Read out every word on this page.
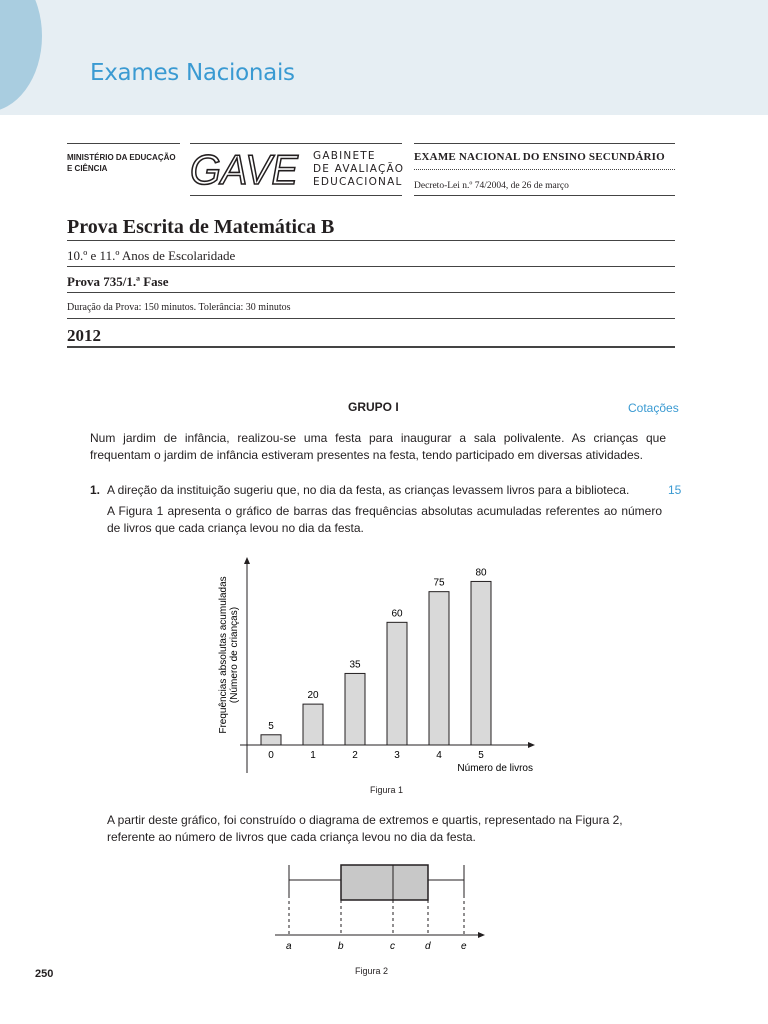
Exames Nacionais
MINISTÉRIO DA EDUCAÇÃO
E CIÊNCIA	GAVE GABINETE
DE AVALIAÇÃO
EDUCACIONAL
EXAME NACIONAL DO ENSINO SECUNDÁRIO
Decreto-Lei n.º 74/2004, de 26 de março
Prova Escrita de Matemática B
10.º e 11.º Anos de Escolaridade
Prova 735/1.ª Fase
Duração da Prova: 150 minutos. Tolerância: 30 minutos
2012
GRUPO I	Cotações
Num jardim de infância, realizou-se uma festa para inaugurar a sala polivalente. As crianças que frequentam o jardim de infância estiveram presentes na festa, tendo participado em diversas atividades.
1. A direção da instituição sugeriu que, no dia da festa, as crianças levassem livros para a biblioteca.	15
A Figura 1 apresenta o gráfico de barras das frequências absolutas acumuladas referentes ao número de livros que cada criança levou no dia da festa.
5
0
20
1
35
2
60
3
75
4
80
5
Número de livros
Frequências absolutas acumuladas (Número de crianças)
Figura 1
A partir deste gráfico, foi construído o diagrama de extremos e quartis, representado na Figura 2, referente ao número de livros que cada criança levou no dia da festa.
a	b	c	d	e
Figura 2
250
